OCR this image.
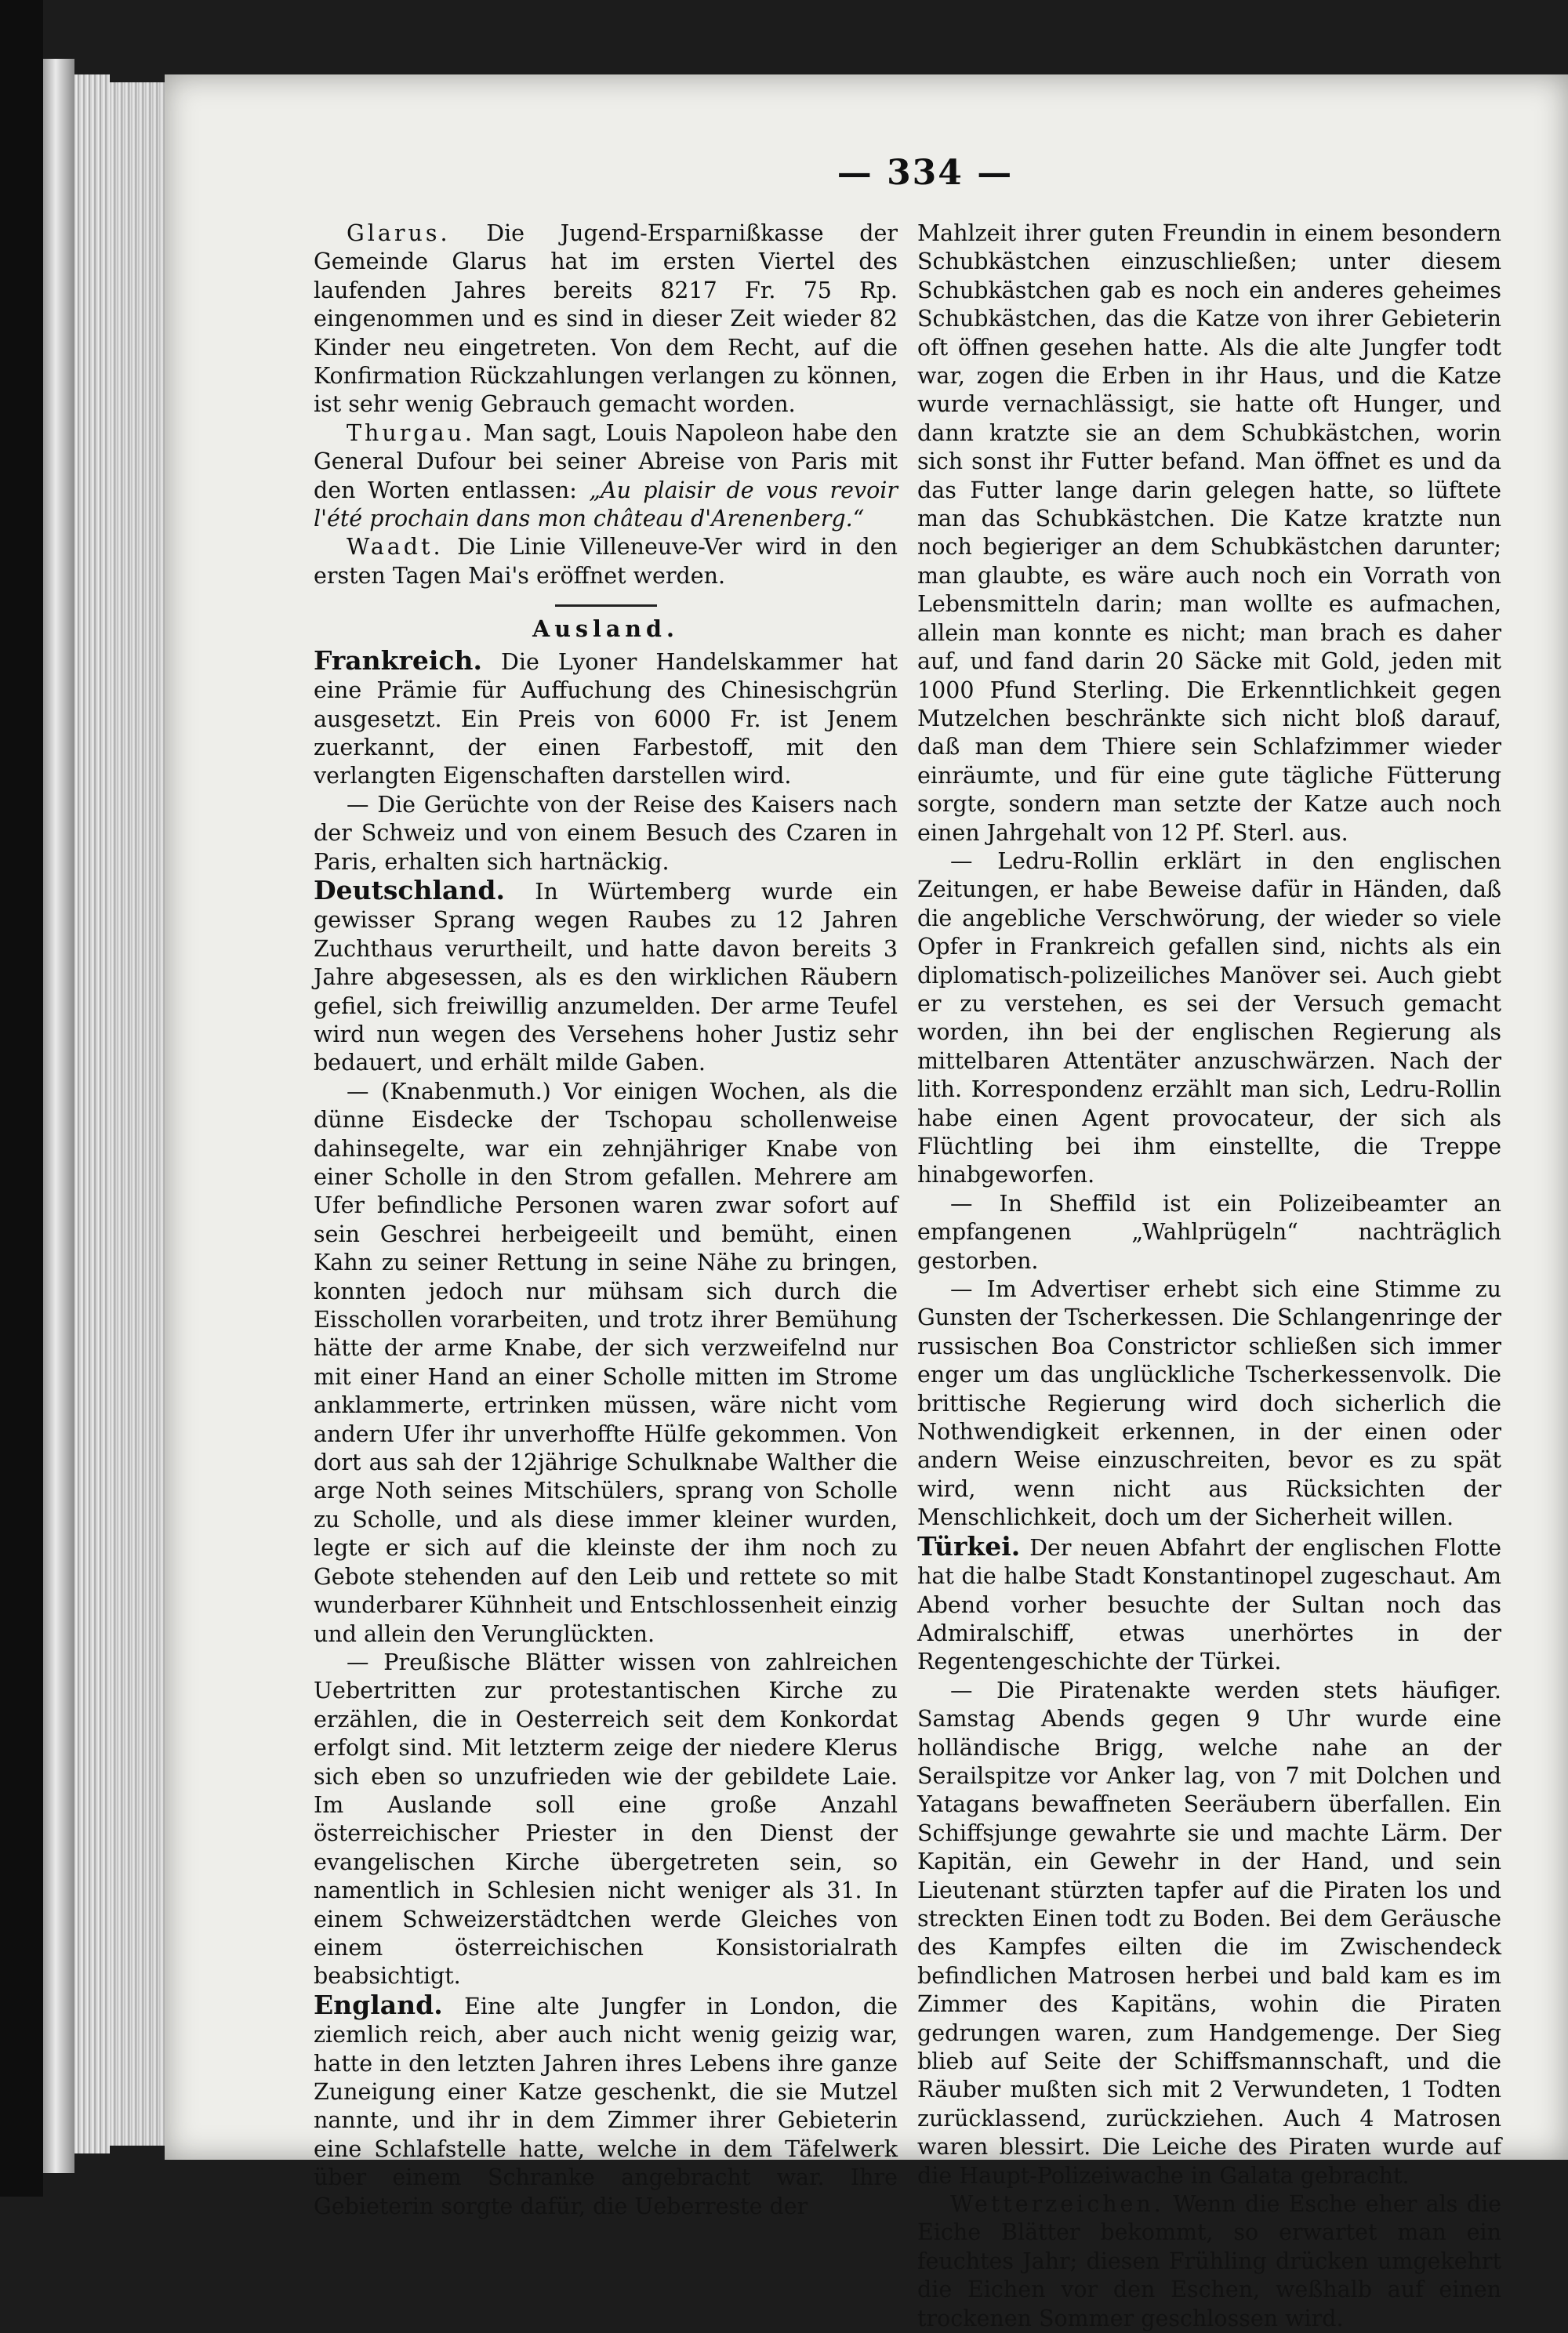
— 334 —

Glarus. Die Jugend-Ersparnißkasse der Gemeinde Glarus hat im ersten Viertel des laufenden Jahres bereits 8217 Fr. 75 Rp. eingenommen und es sind in dieser Zeit wieder 82 Kinder neu eingetreten. Von dem Recht, auf die Konfirmation Rückzahlungen verlangen zu können, ist sehr wenig Gebrauch gemacht worden.

Thurgau. Man sagt, Louis Napoleon habe den General Dufour bei seiner Abreise von Paris mit den Worten entlassen: „Au plaisir de vous revoir l'été prochain dans mon château d'Arenenberg.“

Waadt. Die Linie Villeneuve-Ver wird in den ersten Tagen Mai's eröffnet werden.

Ausland.

Frankreich. Die Lyoner Handelskammer hat eine Prämie für Auffuchung des Chinesischgrün ausgesetzt. Ein Preis von 6000 Fr. ist Jenem zuerkannt, der einen Farbestoff, mit den verlangten Eigenschaften darstellen wird.

— Die Gerüchte von der Reise des Kaisers nach der Schweiz und von einem Besuch des Czaren in Paris, erhalten sich hartnäckig.

Deutschland. In Würtemberg wurde ein gewisser Sprang wegen Raubes zu 12 Jahren Zuchthaus verurtheilt, und hatte davon bereits 3 Jahre abgesessen, als es den wirklichen Räubern gefiel, sich freiwillig anzumelden. Der arme Teufel wird nun wegen des Versehens hoher Justiz sehr bedauert, und erhält milde Gaben.

— (Knabenmuth.) Vor einigen Wochen, als die dünne Eisdecke der Tschopau schollenweise dahinsegelte, war ein zehnjähriger Knabe von einer Scholle in den Strom gefallen. Mehrere am Ufer befindliche Personen waren zwar sofort auf sein Geschrei herbeigeeilt und bemüht, einen Kahn zu seiner Rettung in seine Nähe zu bringen, konnten jedoch nur mühsam sich durch die Eisschollen vorarbeiten, und trotz ihrer Bemühung hätte der arme Knabe, der sich verzweifelnd nur mit einer Hand an einer Scholle mitten im Strome anklammerte, ertrinken müssen, wäre nicht vom andern Ufer ihr unverhoffte Hülfe gekommen. Von dort aus sah der 12jährige Schulknabe Walther die arge Noth seines Mitschülers, sprang von Scholle zu Scholle, und als diese immer kleiner wurden, legte er sich auf die kleinste der ihm noch zu Gebote stehenden auf den Leib und rettete so mit wunderbarer Kühnheit und Entschlossenheit einzig und allein den Verunglückten.

— Preußische Blätter wissen von zahlreichen Uebertritten zur protestantischen Kirche zu erzählen, die in Oesterreich seit dem Konkordat erfolgt sind. Mit letzterm zeige der niedere Klerus sich eben so unzufrieden wie der gebildete Laie. Im Auslande soll eine große Anzahl österreichischer Priester in den Dienst der evangelischen Kirche übergetreten sein, so namentlich in Schlesien nicht weniger als 31. In einem Schweizerstädtchen werde Gleiches von einem österreichischen Konsistorialrath beabsichtigt.

England. Eine alte Jungfer in London, die ziemlich reich, aber auch nicht wenig geizig war, hatte in den letzten Jahren ihres Lebens ihre ganze Zuneigung einer Katze geschenkt, die sie Mutzel nannte, und ihr in dem Zimmer ihrer Gebieterin eine Schlafstelle hatte, welche in dem Täfelwerk über einem Schranke angebracht war. Ihre Gebieterin sorgte dafür, die Ueberreste der

Mahlzeit ihrer guten Freundin in einem besondern Schubkästchen einzuschließen; unter diesem Schubkästchen gab es noch ein anderes geheimes Schubkästchen, das die Katze von ihrer Gebieterin oft öffnen gesehen hatte. Als die alte Jungfer todt war, zogen die Erben in ihr Haus, und die Katze wurde vernachlässigt, sie hatte oft Hunger, und dann kratzte sie an dem Schubkästchen, worin sich sonst ihr Futter befand. Man öffnet es und da das Futter lange darin gelegen hatte, so lüftete man das Schubkästchen. Die Katze kratzte nun noch begieriger an dem Schubkästchen darunter; man glaubte, es wäre auch noch ein Vorrath von Lebensmitteln darin; man wollte es aufmachen, allein man konnte es nicht; man brach es daher auf, und fand darin 20 Säcke mit Gold, jeden mit 1000 Pfund Sterling. Die Erkenntlichkeit gegen Mutzelchen beschränkte sich nicht bloß darauf, daß man dem Thiere sein Schlafzimmer wieder einräumte, und für eine gute tägliche Fütterung sorgte, sondern man setzte der Katze auch noch einen Jahrgehalt von 12 Pf. Sterl. aus.

— Ledru-Rollin erklärt in den englischen Zeitungen, er habe Beweise dafür in Händen, daß die angebliche Verschwörung, der wieder so viele Opfer in Frankreich gefallen sind, nichts als ein diplomatisch-polizeiliches Manöver sei. Auch giebt er zu verstehen, es sei der Versuch gemacht worden, ihn bei der englischen Regierung als mittelbaren Attentäter anzuschwärzen. Nach der lith. Korrespondenz erzählt man sich, Ledru-Rollin habe einen Agent provocateur, der sich als Flüchtling bei ihm einstellte, die Treppe hinabgeworfen.

— In Sheffild ist ein Polizeibeamter an empfangenen „Wahlprügeln“ nachträglich gestorben.

— Im Advertiser erhebt sich eine Stimme zu Gunsten der Tscherkessen. Die Schlangenringe der russischen Boa Constrictor schließen sich immer enger um das unglückliche Tscherkessenvolk. Die brittische Regierung wird doch sicherlich die Nothwendigkeit erkennen, in der einen oder andern Weise einzuschreiten, bevor es zu spät wird, wenn nicht aus Rücksichten der Menschlichkeit, doch um der Sicherheit willen.

Türkei. Der neuen Abfahrt der englischen Flotte hat die halbe Stadt Konstantinopel zugeschaut. Am Abend vorher besuchte der Sultan noch das Admiralschiff, etwas unerhörtes in der Regentengeschichte der Türkei.

— Die Piratenakte werden stets häufiger. Samstag Abends gegen 9 Uhr wurde eine holländische Brigg, welche nahe an der Serailspitze vor Anker lag, von 7 mit Dolchen und Yatagans bewaffneten Seeräubern überfallen. Ein Schiffsjunge gewahrte sie und machte Lärm. Der Kapitän, ein Gewehr in der Hand, und sein Lieutenant stürzten tapfer auf die Piraten los und streckten Einen todt zu Boden. Bei dem Geräusche des Kampfes eilten die im Zwischendeck befindlichen Matrosen herbei und bald kam es im Zimmer des Kapitäns, wohin die Piraten gedrungen waren, zum Handgemenge. Der Sieg blieb auf Seite der Schiffsmannschaft, und die Räuber mußten sich mit 2 Verwundeten, 1 Todten zurücklassend, zurückziehen. Auch 4 Matrosen waren blessirt. Die Leiche des Piraten wurde auf die Haupt-Polizeiwache in Galata gebracht.

Wetterzeichen. Wenn die Esche eher als die Eiche Blätter bekommt, so erwartet man ein feuchtes Jahr; diesen Frühling drücken umgekehrt die Eichen vor den Eschen, weßhalb auf einen trockenen Sommer geschlossen wird.
